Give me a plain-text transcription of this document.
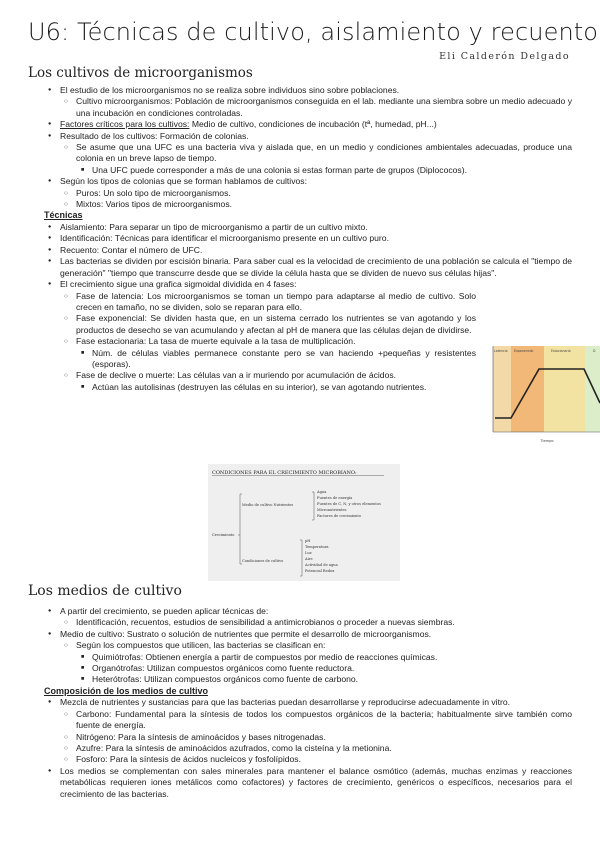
U6: Técnicas de cultivo, aislamiento y recuento
Eli Calderón Delgado
Los cultivos de microorganismos
● El estudio de los microorganismos no se realiza sobre individuos sino sobre poblaciones.
○ Cultivo microorganismos: Población de microorganismos conseguida en el lab. mediante una siembra sobre un medio adecuado y una incubación en condiciones controladas.
● Factores críticos para los cultivos: Medio de cultivo, condiciones de incubación (tª, humedad, pH...)
● Resultado de los cultivos: Formación de colonias.
○ Se asume que una UFC es una bacteria viva y aislada que, en un medio y condiciones ambientales adecuadas, produce una colonia en un breve lapso de tiempo.
■ Una UFC puede corresponder a más de una colonia si estas forman parte de grupos (Diplococos).
● Según los tipos de colonias que se forman hablamos de cultivos:
○ Puros: Un solo tipo de microorganismos.
○ Mixtos: Varios tipos de microorganismos.
Técnicas
● Aislamiento: Para separar un tipo de microorganismo a partir de un cultivo mixto.
● Identificación: Técnicas para identificar el microorganismo presente en un cultivo puro.
● Recuento: Contar el número de UFC.
● Las bacterias se dividen por escisión binaria. Para saber cual es la velocidad de crecimiento de una población se calcula el "tiempo de generación" "tiempo que transcurre desde que se divide la célula hasta que se dividen de nuevo sus células hijas".
● El crecimiento sigue una grafica sigmoidal dividida en 4 fases:
○ Fase de latencia: Los microorganismos se toman un tiempo para adaptarse al medio de cultivo. Solo crecen en tamaño, no se dividen, solo se reparan para ello.
○ Fase exponencial: Se dividen hasta que, en un sistema cerrado los nutrientes se van agotando y los productos de desecho se van acumulando y afectan al pH de manera que las células dejan de dividirse.
○ Fase estacionaria: La tasa de muerte equivale a la tasa de multiplicación.
■ Núm. de células viables permanece constante pero se van haciendo +pequeñas y resistentes (esporas).
○ Fase de declive o muerte: Las células van a ir muriendo por acumulación de ácidos.
■ Actúan las autolisinas (destruyen las células en su interior), se van agotando nutrientes.
Latencia Exponencial	Estacionaria	D
Tiempo
CONDICIONES PARA EL CRECIMIENTO MICROBIANO:
Crecimiento
Medio de cultivo Nutrientes
Agua
Fuentes de energía
Fuentes de C, N, y otros elementos
Micronutrientes
Factores de crecimiento
Condiciones de cultivo
pH
Temperatura
Luz
Aire
Actividad de agua
Potencial Redox
Los medios de cultivo
● A partir del crecimiento, se pueden aplicar técnicas de:
○ Identificación, recuentos, estudios de sensibilidad a antimicrobianos o proceder a nuevas siembras.
● Medio de cultivo: Sustrato o solución de nutrientes que permite el desarrollo de microorganismos.
○ Según los compuestos que utilicen, las bacterias se clasifican en:
■ Quimiótrofas: Obtienen energía a partir de compuestos por medio de reacciones químicas.
■ Organótrofas: Utilizan compuestos orgánicos como fuente reductora.
■ Heterótrofas: Utilizan compuestos orgánicos como fuente de carbono.
Composición de los medios de cultivo
● Mezcla de nutrientes y sustancias para que las bacterias puedan desarrollarse y reproducirse adecuadamente in vitro.
○ Carbono: Fundamental para la síntesis de todos los compuestos orgánicos de la bacteria; habitualmente sirve también como fuente de energía.
○ Nitrógeno: Para la síntesis de aminoácidos y bases nitrogenadas.
○ Azufre: Para la síntesis de aminoácidos azufrados, como la cisteína y la metionina.
○ Fosforo: Para la síntesis de ácidos nucleicos y fosfolípidos.
● Los medios se complementan con sales minerales para mantener el balance osmótico (además, muchas enzimas y reacciones metabólicas requieren iones metálicos como cofactores) y factores de crecimiento, genéricos o específicos, necesarios para el crecimiento de las bacterias.
